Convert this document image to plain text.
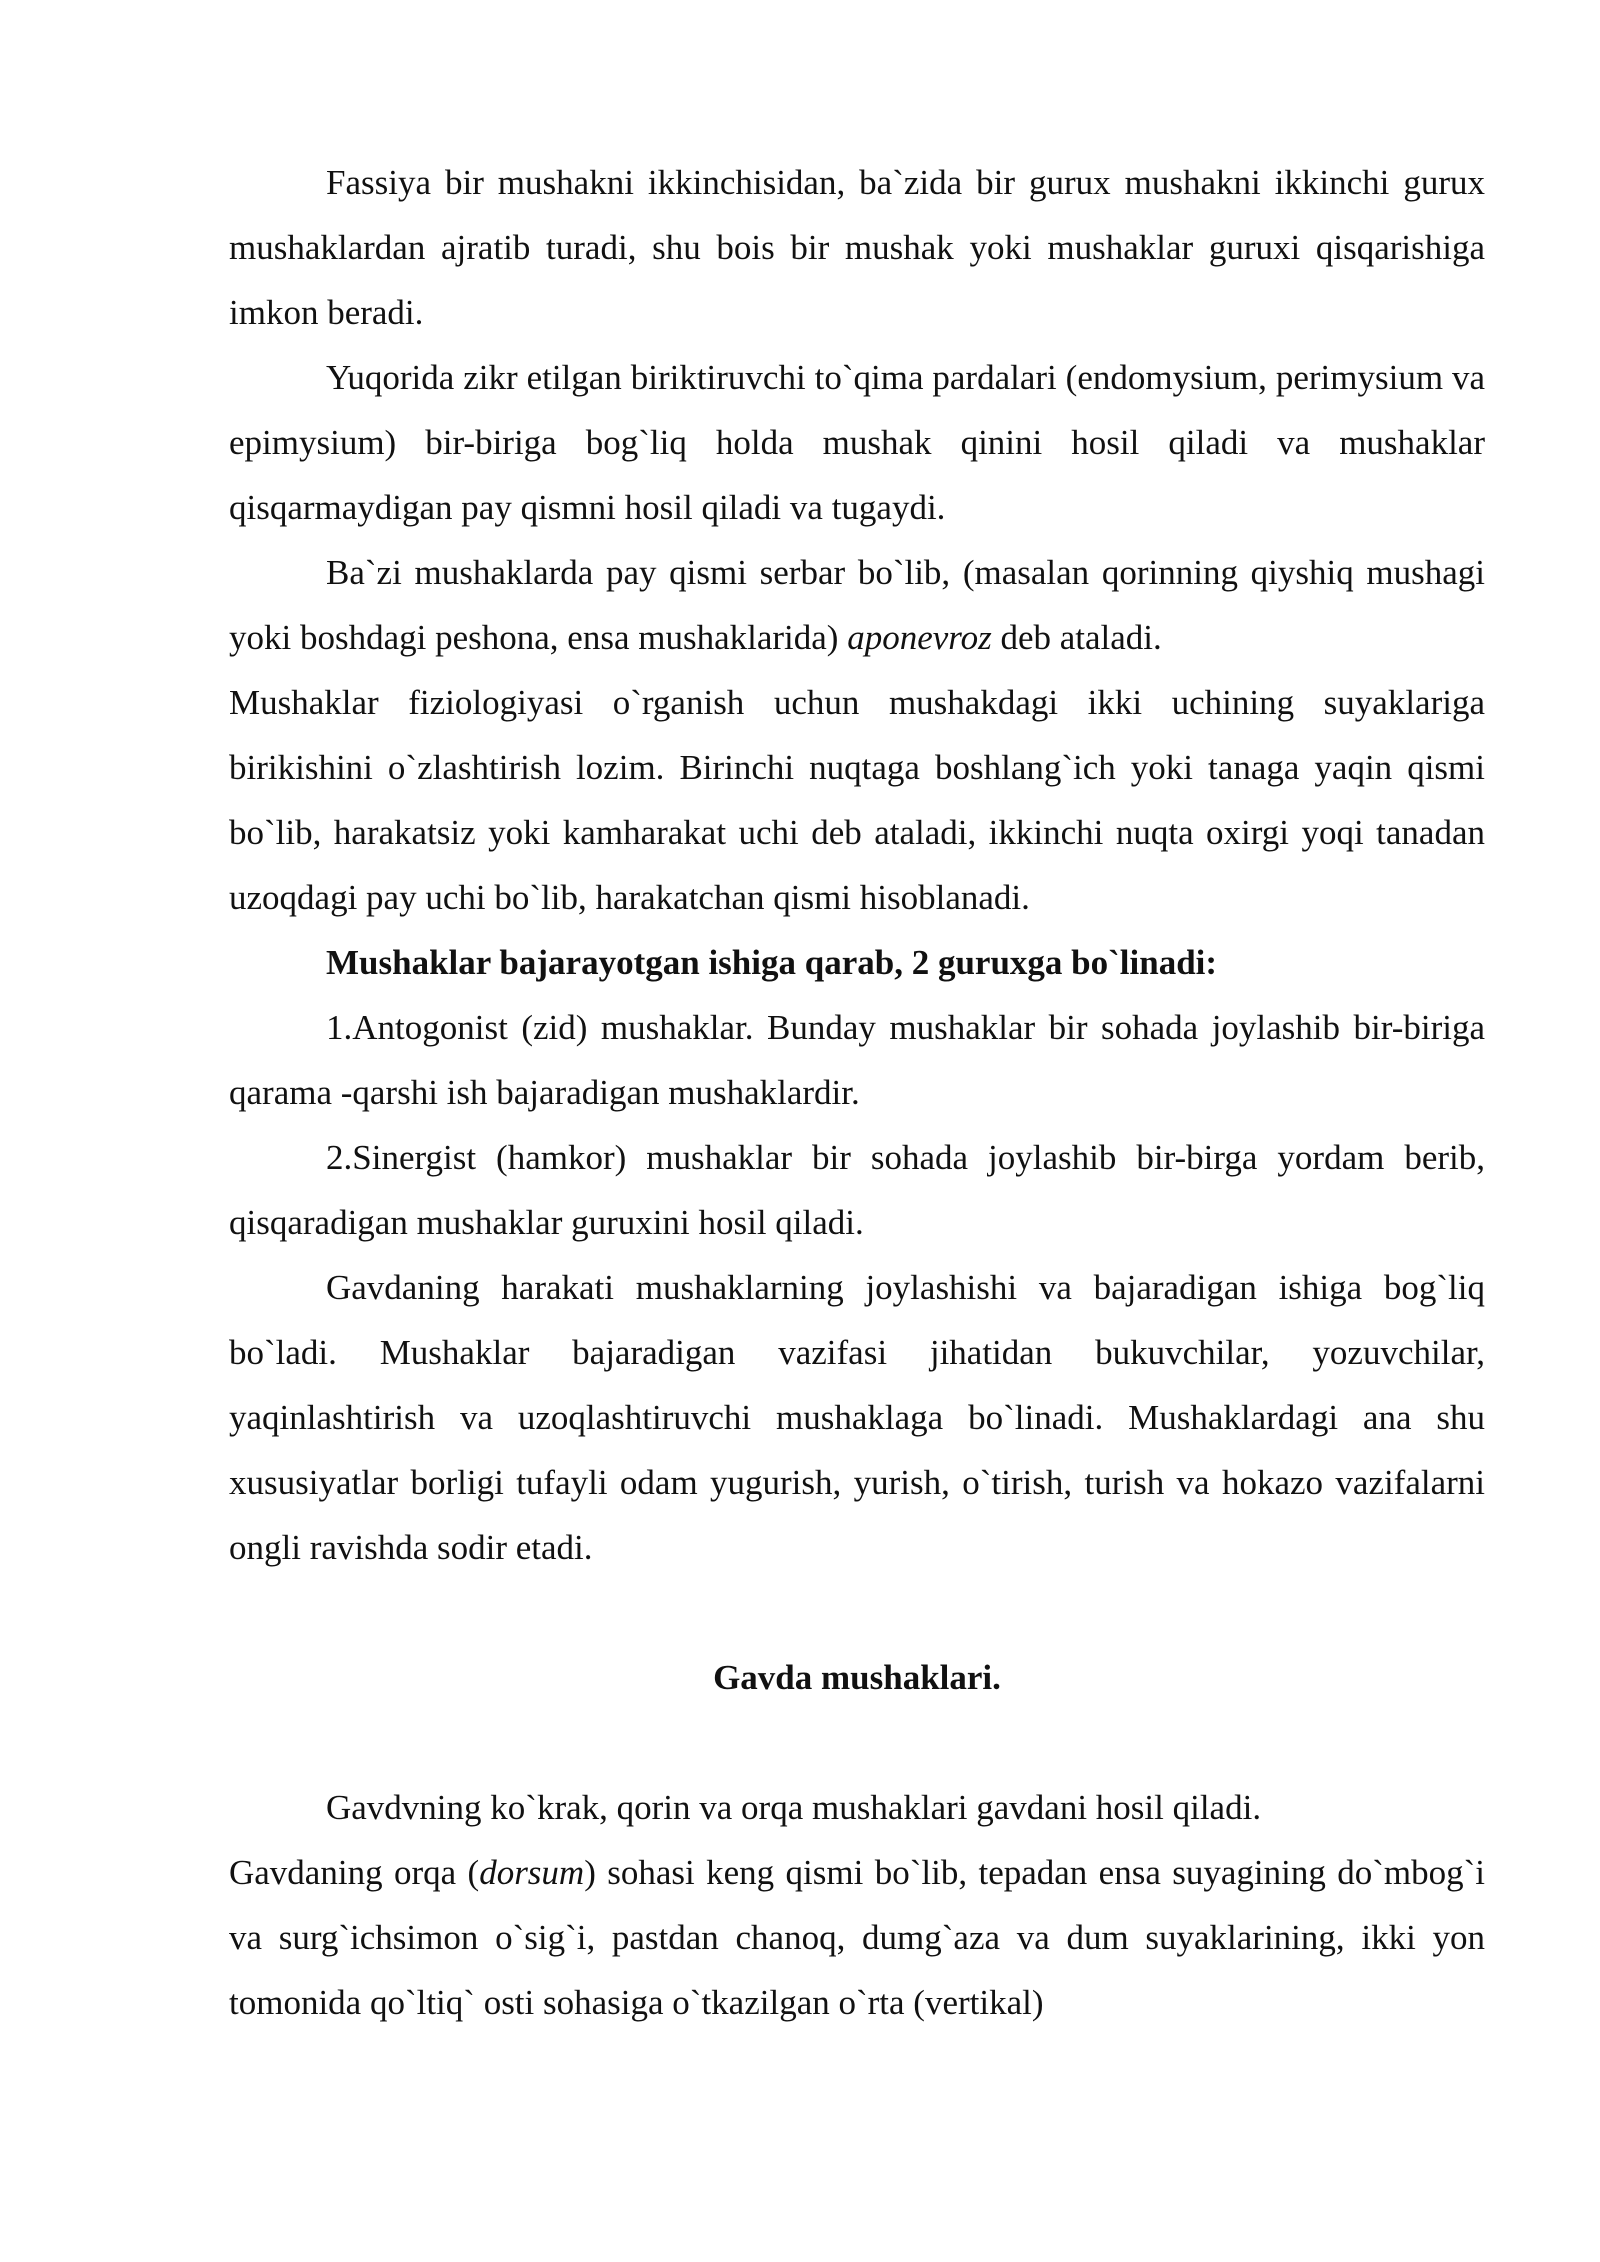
Fassiya bir mushakni ikkinchisidan, ba`zida bir gurux mushakni ikkinchi gurux mushaklardan ajratib turadi, shu bois bir mushak yoki mushaklar guruxi qisqarishiga imkon beradi.

Yuqorida zikr etilgan biriktiruvchi to`qima pardalari (endomysium, perimysium va epimysium) bir-biriga bog`liq holda mushak qinini hosil qiladi va mushaklar qisqarmaydigan pay qismni hosil qiladi va tugaydi.

Ba`zi mushaklarda pay qismi serbar bo`lib, (masalan qorinning qiyshiq mushagi yoki boshdagi peshona, ensa mushaklarida) aponevroz deb ataladi.

Mushaklar fiziologiyasi o`rganish uchun mushakdagi ikki uchining suyaklariga birikishini o`zlashtirish lozim. Birinchi nuqtaga boshlang`ich yoki tanaga yaqin qismi bo`lib, harakatsiz yoki kamharakat uchi deb ataladi, ikkinchi nuqta oxirgi yoqi tanadan uzoqdagi pay uchi bo`lib, harakatchan qismi hisoblanadi.

Mushaklar bajarayotgan ishiga qarab, 2 guruxga bo`linadi:

1.Antogonist (zid) mushaklar. Bunday mushaklar bir sohada joylashib bir-biriga qarama -qarshi ish bajaradigan mushaklardir.

2.Sinergist (hamkor) mushaklar bir sohada joylashib bir-birga yordam berib, qisqaradigan mushaklar guruxini hosil qiladi.

Gavdaning harakati mushaklarning joylashishi va bajaradigan ishiga bog`liq bo`ladi. Mushaklar bajaradigan vazifasi jihatidan bukuvchilar, yozuvchilar, yaqinlashtirish va uzoqlashtiruvchi mushaklaga bo`linadi. Mushaklardagi ana shu xususiyatlar borligi tufayli odam yugurish, yurish, o`tirish, turish va hokazo vazifalarni ongli ravishda sodir etadi.

Gavda mushaklari.

Gavdvning ko`krak, qorin va orqa mushaklari gavdani hosil qiladi.

Gavdaning orqa (dorsum) sohasi keng qismi bo`lib, tepadan ensa suyagining do`mbog`i va surg`ichsimon o`sig`i, pastdan chanoq, dumg`aza va dum suyaklarining, ikki yon tomonida qo`ltiq` osti sohasiga o`tkazilgan o`rta (vertikal)
